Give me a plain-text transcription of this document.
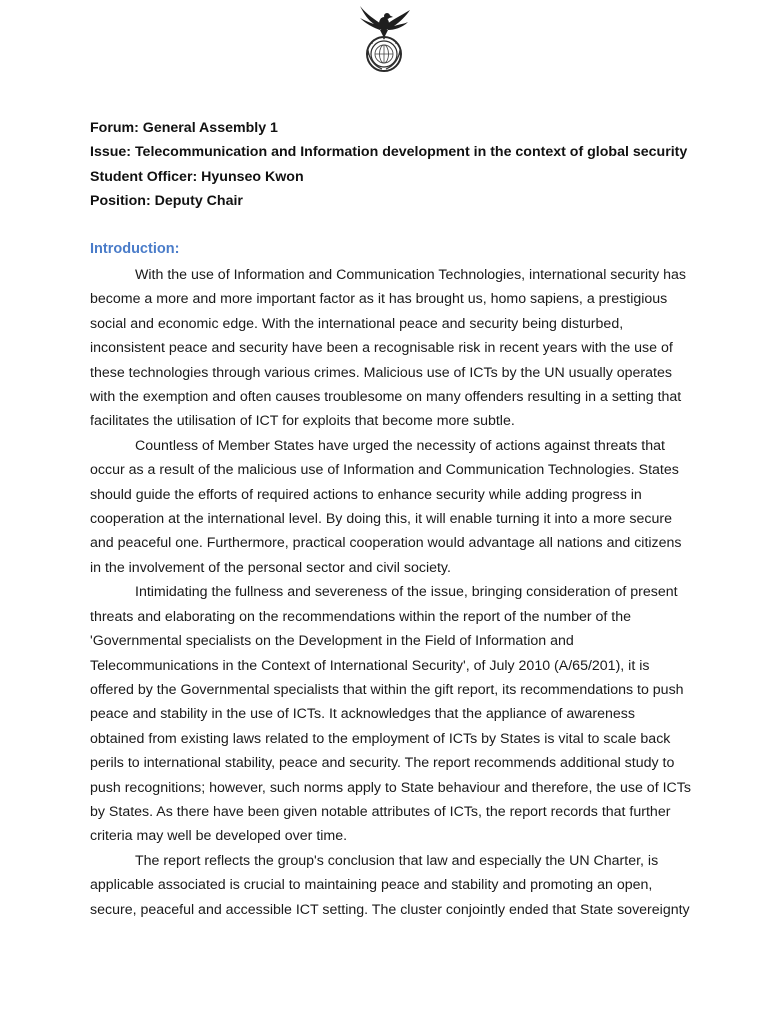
Forum: General Assembly 1
Issue: Telecommunication and Information development in the context of global security
Student Officer: Hyunseo Kwon
Position: Deputy Chair
Introduction:
With the use of Information and Communication Technologies, international security has
become a more and more important factor as it has brought us, homo sapiens, a prestigious
social and economic edge. With the international peace and security being disturbed,
inconsistent peace and security have been a recognisable risk in recent years with the use of
these technologies through various crimes. Malicious use of ICTs by the UN usually operates
with the exemption and often causes troublesome on many offenders resulting in a setting that
facilitates the utilisation of ICT for exploits that become more subtle.
Countless of Member States have urged the necessity of actions against threats that
occur as a result of the malicious use of Information and Communication Technologies. States
should guide the efforts of required actions to enhance security while adding progress in
cooperation at the international level. By doing this, it will enable turning it into a more secure
and peaceful one. Furthermore, practical cooperation would advantage all nations and citizens
in the involvement of the personal sector and civil society.
Intimidating the fullness and severeness of the issue, bringing consideration of present
threats and elaborating on the recommendations within the report of the number of the
'Governmental specialists on the Development in the Field of Information and
Telecommunications in the Context of International Security', of July 2010 (A/65/201), it is
offered by the Governmental specialists that within the gift report, its recommendations to push
peace and stability in the use of ICTs. It acknowledges that the appliance of awareness
obtained from existing laws related to the employment of ICTs by States is vital to scale back
perils to international stability, peace and security. The report recommends additional study to
push recognitions; however, such norms apply to State behaviour and therefore, the use of ICTs
by States. As there have been given notable attributes of ICTs, the report records that further
criteria may well be developed over time.
The report reflects the group's conclusion that law and especially the UN Charter, is
applicable associated is crucial to maintaining peace and stability and promoting an open,
secure, peaceful and accessible ICT setting. The cluster conjointly ended that State sovereignty
